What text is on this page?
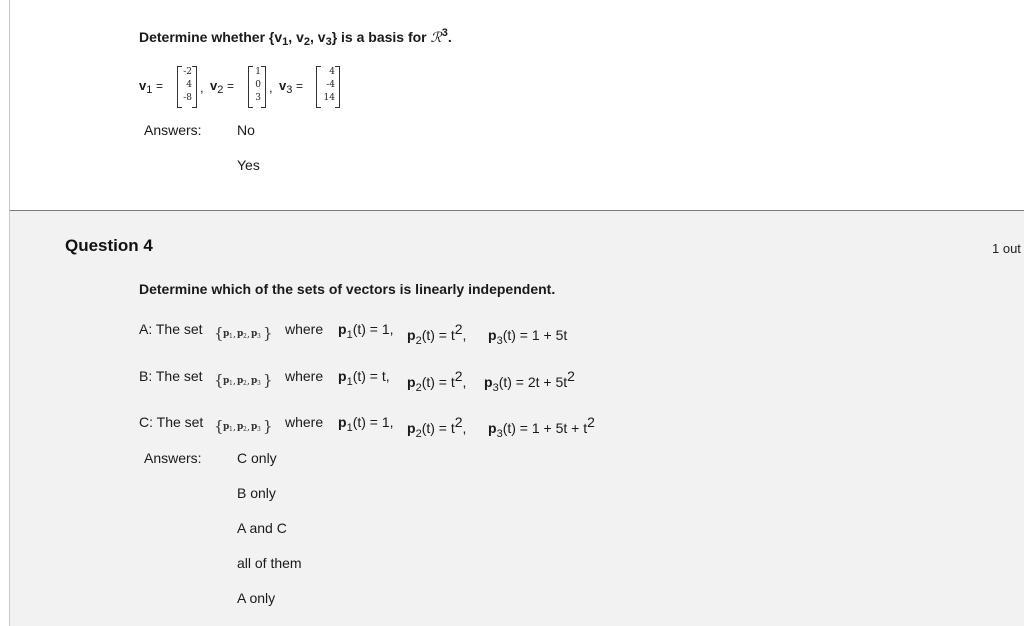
Determine whether {$v_1$, $v_2$, $v_3$} is a basis for ℛ$^3$.
$v_1$ =
-2
4
-8
, $v_2$ =
1
0
3
, $v_3$ =
4
-4
14
Answers:	No
Yes
Question 4	1 out
Determine which of the sets of vectors is linearly independent.
A: The set { p 1 , p 2 , p 3 } where $p_1(t) = 1$, $p_2(t) = t^2$, $p_3(t) = 1 + 5t$
B: The set { p 1 , p 2 , p 3 } where $p_1(t) = t$, $p_2(t) = t^2$, $p_3(t) = 2t + 5t^2$
C: The set { p 1 , p 2 , p 3 } where $p_1(t) = 1$, $p_2(t) = t^2$, $p_3(t) = 1 + 5t + t^2$
Answers:	C only
B only
A and C
all of them
A only
